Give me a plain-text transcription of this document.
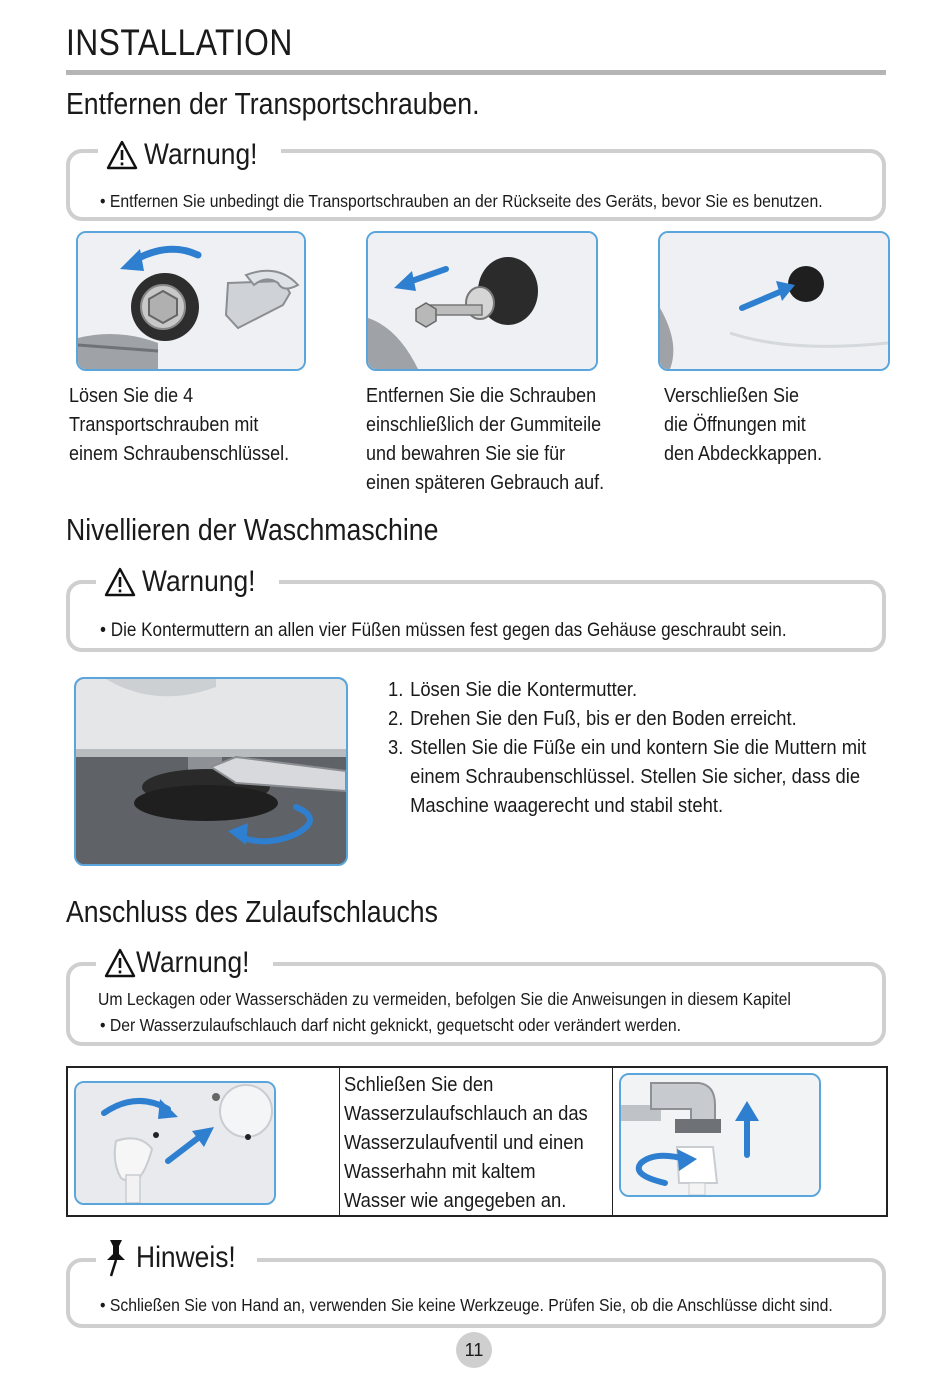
INSTALLATION
Entfernen der Transportschrauben.
• Entfernen Sie unbedingt die Transportschrauben an der Rückseite des Geräts, bevor Sie es benutzen.
Warnung!
Lösen Sie die 4
Transportschrauben mit
einem Schraubenschlüssel.
Entfernen Sie die Schrauben
einschließlich der Gummiteile
und bewahren Sie sie für
einen späteren Gebrauch auf.
Verschließen Sie
die Öffnungen mit
den Abdeckkappen.
Nivellieren der Waschmaschine
• Die Kontermuttern an allen vier Füßen müssen fest gegen das Gehäuse geschraubt sein.
Warnung!
1. Lösen Sie die Kontermutter.
2. Drehen Sie den Fuß, bis er den Boden erreicht.
3. Stellen Sie die Füße ein und kontern Sie die Muttern mit einem Schraubenschlüssel. Stellen Sie sicher, dass die Maschine waagerecht und stabil steht.
Anschluss des Zulaufschlauchs
Um Leckagen oder Wasserschäden zu vermeiden, befolgen Sie die Anweisungen in diesem Kapitel
• Der Wasserzulaufschlauch darf nicht geknickt, gequetscht oder verändert werden.
Warnung!
Schließen Sie den
Wasserzulaufschlauch an das
Wasserzulaufventil und einen
Wasserhahn mit kaltem
Wasser wie angegeben an.
• Schließen Sie von Hand an, verwenden Sie keine Werkzeuge. Prüfen Sie, ob die Anschlüsse dicht sind.
Hinweis!
11
